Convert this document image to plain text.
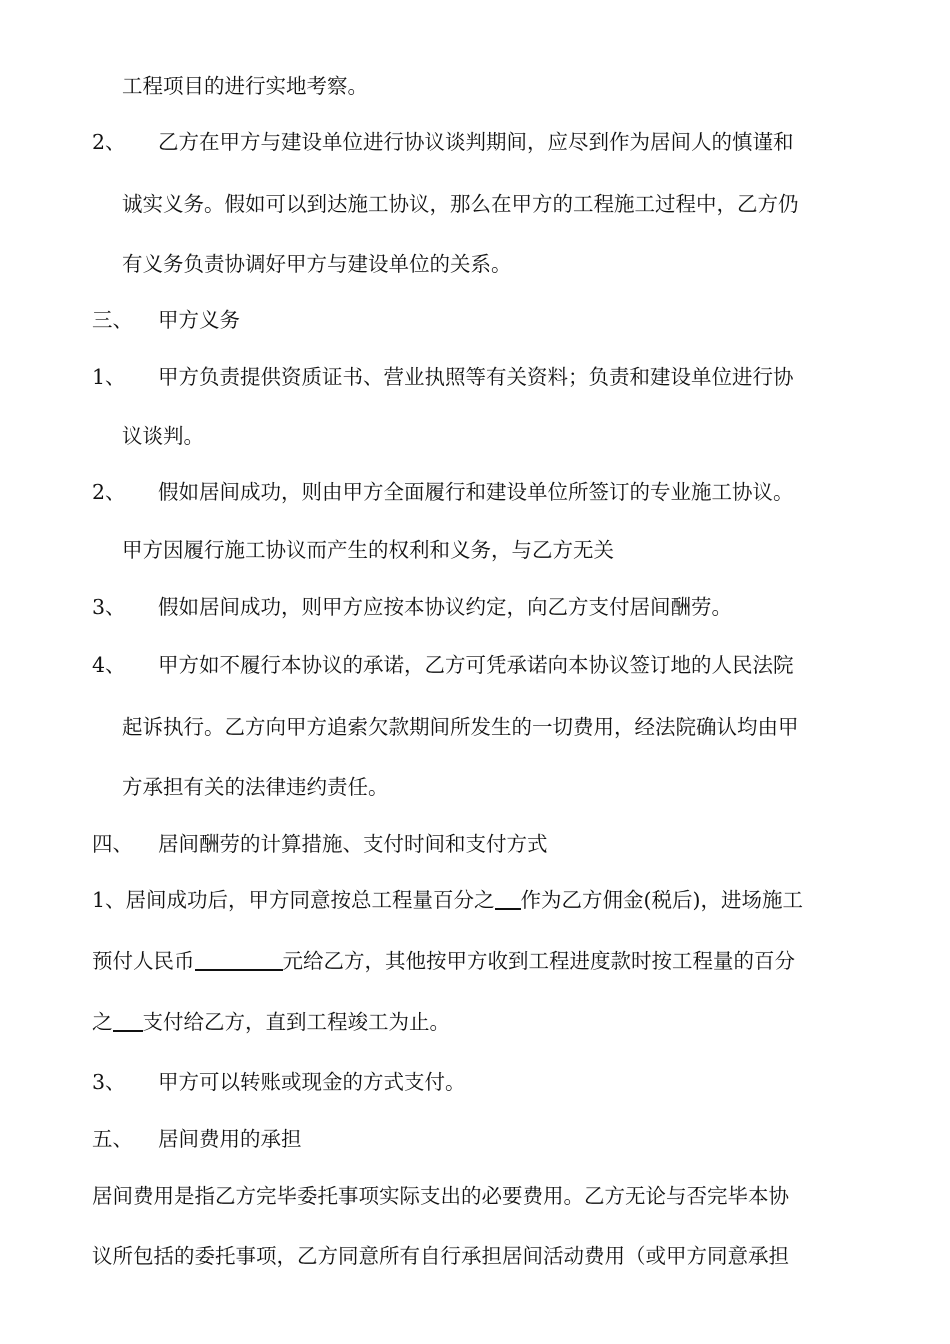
工程项目的进行实地考察。
2、 乙方在甲方与建设单位进行协议谈判期间，应尽到作为居间人的慎谨和
诚实义务。假如可以到达施工协议，那么在甲方的工程施工过程中，乙方仍
有义务负责协调好甲方与建设单位的关系。
三、 甲方义务
1、 甲方负责提供资质证书、营业执照等有关资料；负责和建设单位进行协
议谈判。
2、 假如居间成功，则由甲方全面履行和建设单位所签订的专业施工协议。
甲方因履行施工协议而产生的权利和义务，与乙方无关
3、 假如居间成功，则甲方应按本协议约定，向乙方支付居间酬劳。
4、 甲方如不履行本协议的承诺，乙方可凭承诺向本协议签订地的人民法院
起诉执行。乙方向甲方追索欠款期间所发生的一切费用，经法院确认均由甲
方承担有关的法律违约责任。
四、 居间酬劳的计算措施、支付时间和支付方式
1、居间成功后，甲方同意按总工程量百分之 作为乙方佣金(税后)，进场施工
预付人民币	元给乙方，其他按甲方收到工程进度款时按工程量的百分
之 支付给乙方，直到工程竣工为止。
3、 甲方可以转账或现金的方式支付。
五、 居间费用的承担
居间费用是指乙方完毕委托事项实际支出的必要费用。乙方无论与否完毕本协
议所包括的委托事项，乙方同意所有自行承担居间活动费用（或甲方同意承担
